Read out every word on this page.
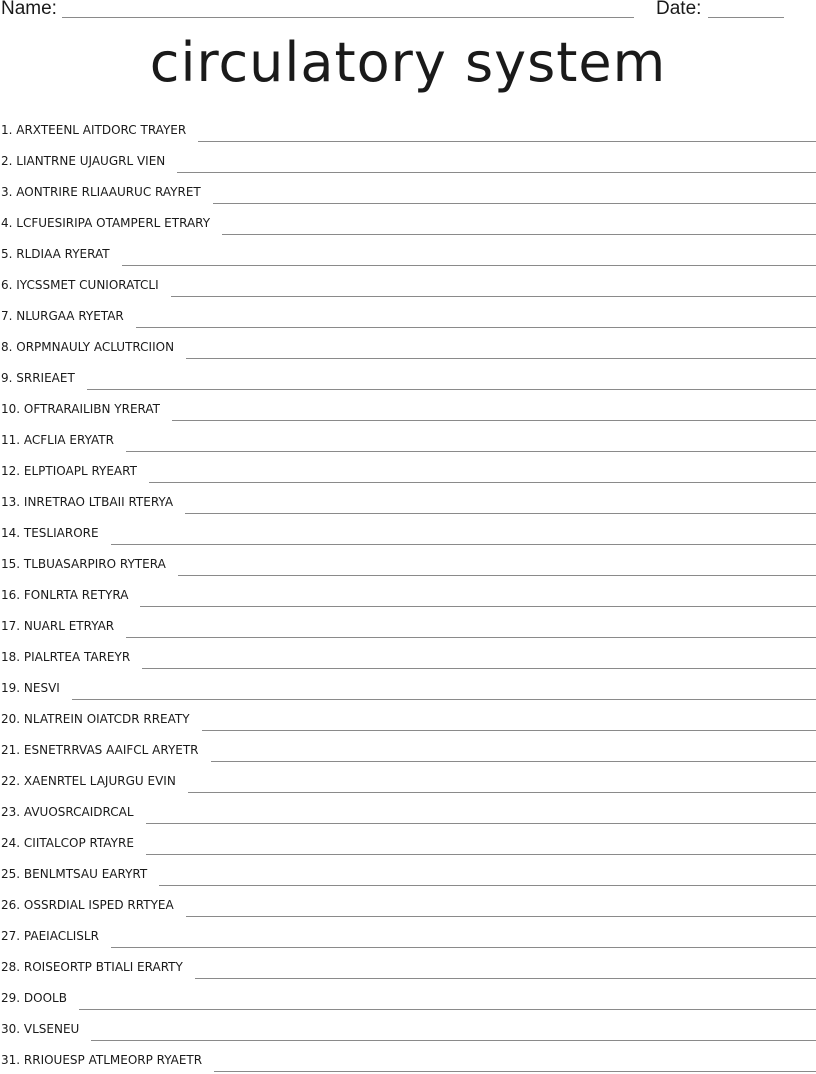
Name:	Date:
circulatory system
1. ARXTEENL AITDORC TRAYER
2. LIANTRNE UJAUGRL VIEN
3. AONTRIRE RLIAAURUC RAYRET
4. LCFUESIRIPA OTAMPERL ETRARY
5. RLDIAA RYERAT
6. IYCSSMET CUNIORATCLI
7. NLURGAA RYETAR
8. ORPMNAULY ACLUTRCIION
9. SRRIEAET
10. OFTRARAILIBN YRERAT
11. ACFLIA ERYATR
12. ELPTIOAPL RYEART
13. INRETRAO LTBAII RTERYA
14. TESLIARORE
15. TLBUASARPIRO RYTERA
16. FONLRTA RETYRA
17. NUARL ETRYAR
18. PIALRTEA TAREYR
19. NESVI
20. NLATREIN OIATCDR RREATY
21. ESNETRRVAS AAIFCL ARYETR
22. XAENRTEL LAJURGU EVIN
23. AVUOSRCAIDRCAL
24. CIITALCOP RTAYRE
25. BENLMTSAU EARYRT
26. OSSRDIAL ISPED RRTYEA
27. PAEIACLISLR
28. ROISEORTP BTIALI ERARTY
29. DOOLB
30. VLSENEU
31. RRIOUESP ATLMEORP RYAETR
